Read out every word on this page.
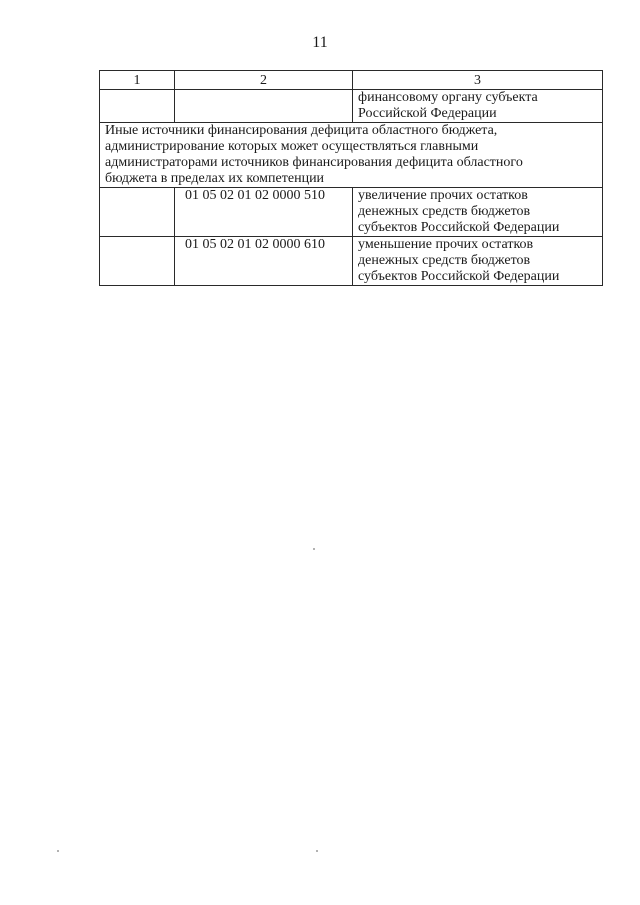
11
1	2	3

		финансовому органу субъекта
Российской Федерации

Иные источники финансирования дефицита областного бюджета,
администрирование которых может осуществляться главными
администраторами источников финансирования дефицита областного
бюджета в пределах их компетенции		

	01 05 02 01 02 0000 510	увеличение прочих остатков
денежных средств бюджетов
субъектов Российской Федерации

	01 05 02 01 02 0000 610	уменьшение прочих остатков
денежных средств бюджетов
субъектов Российской Федерации
